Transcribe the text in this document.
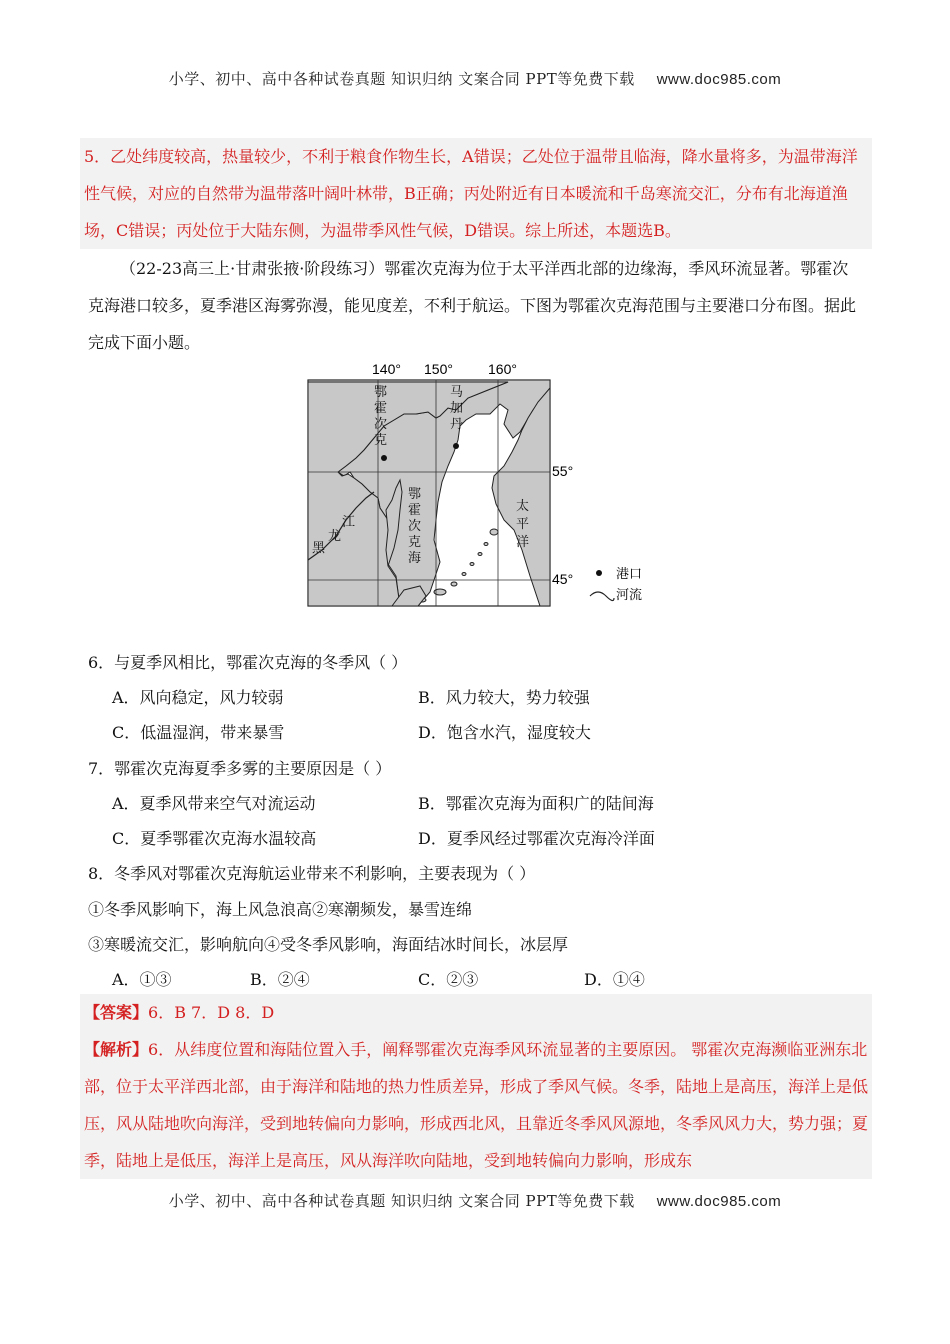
小学、初中、高中各种试卷真题 知识归纳 文案合同 PPT等免费下载 www.doc985.com
5．乙处纬度较高，热量较少，不利于粮食作物生长，A错误；乙处位于温带且临海，降水量将多，为温带海洋性气候，对应的自然带为温带落叶阔叶林带，B正确；丙处附近有日本暖流和千岛寒流交汇，分布有北海道渔场，C错误；丙处位于大陆东侧，为温带季风性气候，D错误。综上所述，本题选B。
（22-23高三上·甘肃张掖·阶段练习）鄂霍次克海为位于太平洋西北部的边缘海，季风环流显著。鄂霍次克海港口较多，夏季港区海雾弥漫，能见度差，不利于航运。下图为鄂霍次克海范围与主要港口分布图。据此完成下面小题。
140° 150°	160°
鄂
霍
次
克
马
加
丹
鄂
霍
次
克
海
太
平
洋
黑
龙
江
55°
45°	港口
河流
6．与夏季风相比，鄂霍次克海的冬季风（ ）
A．风向稳定，风力较弱	B．风力较大，势力较强
C．低温湿润，带来暴雪	D．饱含水汽，湿度较大
7．鄂霍次克海夏季多雾的主要原因是（ ）
A．夏季风带来空气对流运动	B．鄂霍次克海为面积广的陆间海
C．夏季鄂霍次克海水温较高	D．夏季风经过鄂霍次克海冷洋面
8．冬季风对鄂霍次克海航运业带来不利影响，主要表现为（ ）
①冬季风影响下，海上风急浪高②寒潮频发，暴雪连绵
③寒暖流交汇，影响航向④受冬季风影响，海面结冰时间长，冰层厚
A．①③	B．②④	C．②③	D．①④
【答案】6．B 7．D 8．D
【解析】6．从纬度位置和海陆位置入手，阐释鄂霍次克海季风环流显著的主要原因。 鄂霍次克海濒临亚洲东北部，位于太平洋西北部，由于海洋和陆地的热力性质差异，形成了季风气候。冬季，陆地上是高压，海洋上是低压，风从陆地吹向海洋，受到地转偏向力影响，形成西北风，且靠近冬季风风源地，冬季风风力大，势力强；夏季，陆地上是低压，海洋上是高压，风从海洋吹向陆地，受到地转偏向力影响，形成东
小学、初中、高中各种试卷真题 知识归纳 文案合同 PPT等免费下载 www.doc985.com
